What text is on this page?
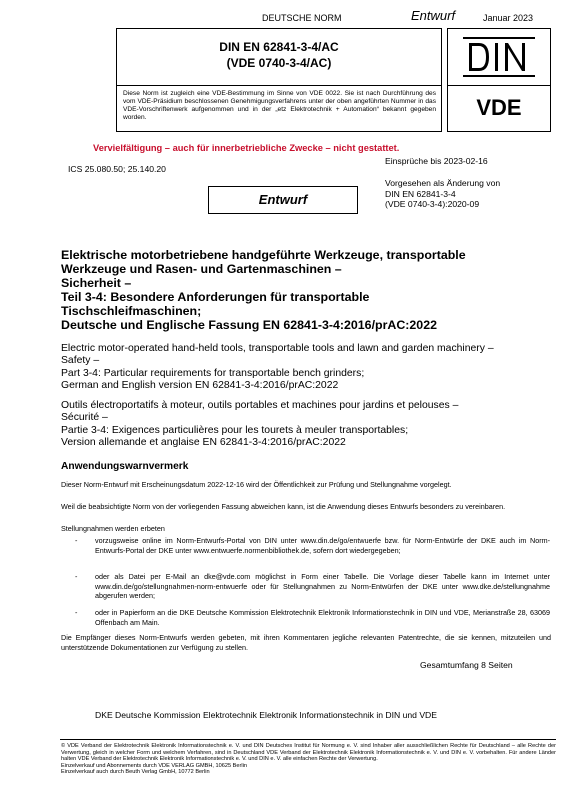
DEUTSCHE NORM	Entwurf	Januar 2023
DIN EN 62841-3-4/AC
(VDE 0740-3-4/AC)
Diese Norm ist zugleich eine VDE-Bestimmung im Sinne von VDE 0022. Sie ist nach Durchführung des vom VDE-Präsidium beschlossenen Genehmigungsverfahrens unter der oben angeführten Nummer in das VDE-Vorschriftenwerk aufgenommen und in der „etz Elektrotechnik + Automation“ bekannt gegeben worden.	VDE
Vervielfältigung – auch für innerbetriebliche Zwecke – nicht gestattet.
Einsprüche bis 2023-02-16
ICS 25.080.50; 25.140.20
Vorgesehen als Änderung von
DIN EN 62841-3-4
(VDE 0740-3-4):2020-09
Entwurf
Elektrische motorbetriebene handgeführte Werkzeuge, transportable
Werkzeuge und Rasen- und Gartenmaschinen –
Sicherheit –
Teil 3-4: Besondere Anforderungen für transportable
Tischschleifmaschinen;
Deutsche und Englische Fassung EN 62841-3-4:2016/prAC:2022
Electric motor-operated hand-held tools, transportable tools and lawn and garden machinery –
Safety –
Part 3-4: Particular requirements for transportable bench grinders;
German and English version EN 62841-3-4:2016/prAC:2022
Outils électroportatifs à moteur, outils portables et machines pour jardins et pelouses –
Sécurité –
Partie 3-4: Exigences particulières pour les tourets à meuler transportables;
Version allemande et anglaise EN 62841-3-4:2016/prAC:2022
Anwendungswarnvermerk
Dieser Norm-Entwurf mit Erscheinungsdatum 2022-12-16 wird der Öffentlichkeit zur Prüfung und Stellungnahme vorgelegt.
Weil die beabsichtigte Norm von der vorliegenden Fassung abweichen kann, ist die Anwendung dieses Entwurfs besonders zu vereinbaren.
Stellungnahmen werden erbeten
- vorzugsweise online im Norm-Entwurfs-Portal von DIN unter www.din.de/go/entwuerfe bzw. für Norm-Entwürfe der DKE auch im Norm-Entwurfs-Portal der DKE unter www.entwuerfe.normenbibliothek.de, sofern dort wiedergegeben;
- oder als Datei per E-Mail an dke@vde.com möglichst in Form einer Tabelle. Die Vorlage dieser Tabelle kann im Internet unter www.din.de/go/stellungnahmen-norm-entwuerfe oder für Stellungnahmen zu Norm-Entwürfen der DKE unter www.dke.de/stellungnahme abgerufen werden;
- oder in Papierform an die DKE Deutsche Kommission Elektrotechnik Elektronik Informationstechnik in DIN und VDE, Merianstraße 28, 63069 Offenbach am Main.
Die Empfänger dieses Norm-Entwurfs werden gebeten, mit ihren Kommentaren jegliche relevanten Patentrechte, die sie kennen, mitzuteilen und unterstützende Dokumentationen zur Verfügung zu stellen.
Gesamtumfang 8 Seiten
DKE Deutsche Kommission Elektrotechnik Elektronik Informationstechnik in DIN und VDE
© VDE Verband der Elektrotechnik Elektronik Informationstechnik e. V. und DIN Deutsches Institut für Normung e. V. sind Inhaber aller ausschließlichen Rechte für Deutschland – alle Rechte der Verwertung, gleich in welcher Form und welchem Verfahren, sind in Deutschland VDE Verband der Elektrotechnik Elektronik Informationstechnik e. V. und DIN e. V. vorbehalten. Für andere Länder halten VDE Verband der Elektrotechnik Elektronik Informationstechnik e. V. und DIN e. V. alle einfachen Rechte der Verwertung.
Einzelverkauf und Abonnements durch VDE VERLAG GMBH, 10625 Berlin
Einzelverkauf auch durch Beuth Verlag GmbH, 10772 Berlin
